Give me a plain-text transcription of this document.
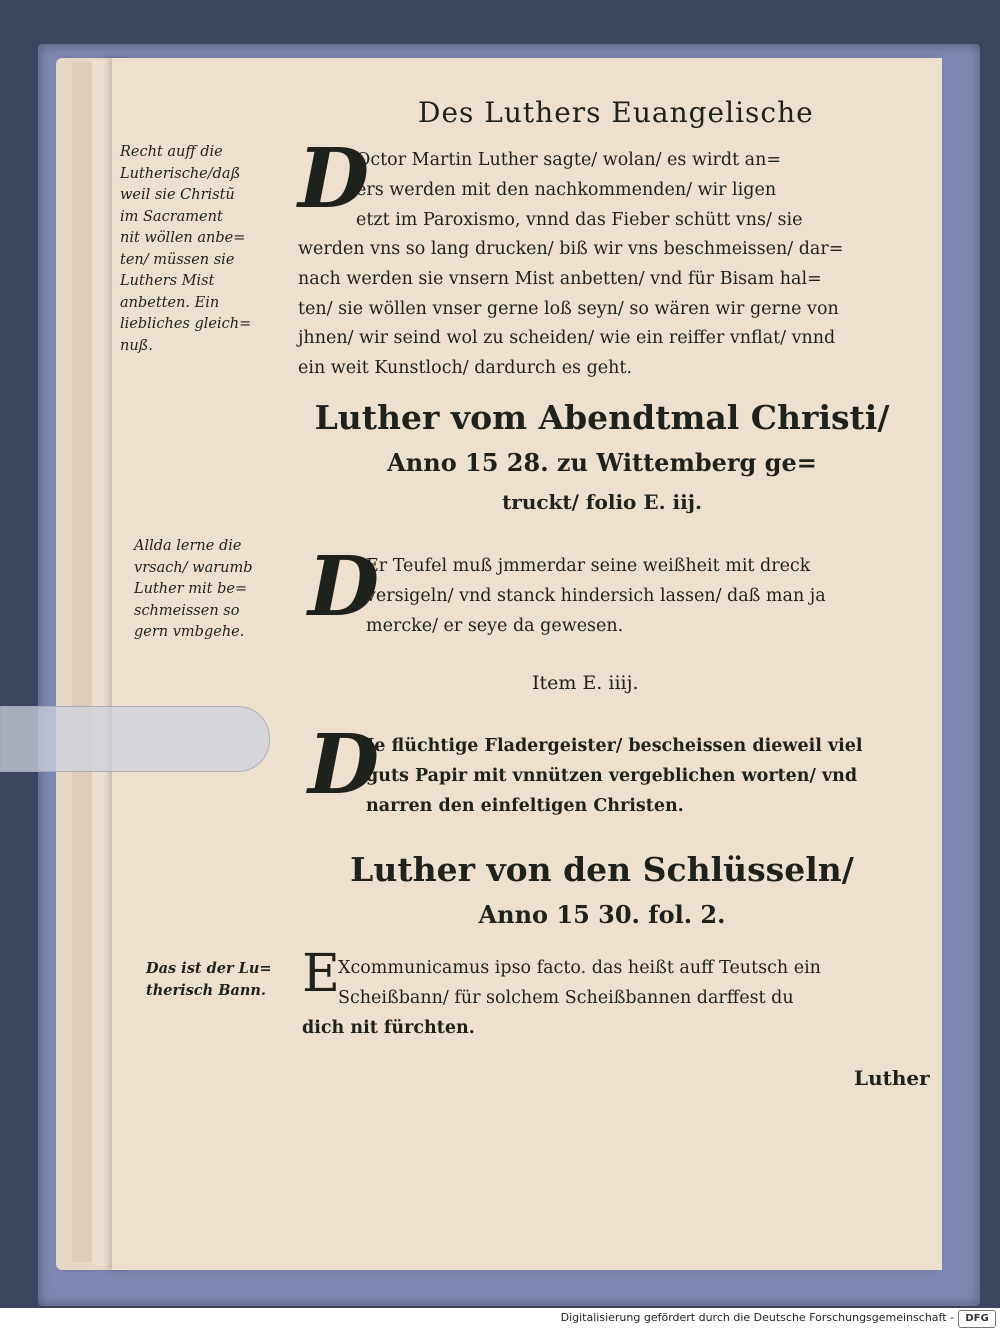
Des Luthers Euangelische
Recht auff die
Lutherische/daß
weil sie Christũ
im Sacrament
nit wöllen anbe=
ten/ müssen sie
Luthers Mist
anbetten. Ein
liebliches gleich=
nuß.
D
Octor Martin Luther sagte/ wolan/ es wirdt an=
ers werden mit den nachkommenden/ wir ligen
etzt im Paroxismo, vnnd das Fieber schütt vns/ sie
werden vns so lang drucken/ biß wir vns beschmeissen/ dar=
nach werden sie vnsern Mist anbetten/ vnd für Bisam hal=
ten/ sie wöllen vnser gerne loß seyn/ so wären wir gerne von
jhnen/ wir seind wol zu scheiden/ wie ein reiffer vnflat/ vnnd
ein weit Kunstloch/ dardurch es geht.
Luther vom Abendtmal Christi/
Anno 15 28. zu Wittemberg ge=
truckt/ folio E. iij.
Allda lerne die
vrsach/ warumb
Luther mit be=
schmeissen so
gern vmbgehe. D
Er Teufel muß jmmerdar seine weißheit mit dreck
versigeln/ vnd stanck hindersich lassen/ daß man ja
mercke/ er seye da gewesen.
Item E. iiij.
D
Je flüchtige Fladergeister/ bescheissen dieweil viel
guts Papir mit vnnützen vergeblichen worten/ vnd
narren den einfeltigen Christen.
Luther von den Schlüsseln/
Anno 15 30. fol. 2.
Das ist der Lu=
therisch Bann. E
Xcommunicamus ipso facto. das heißt auff Teutsch ein
Scheißbann/ für solchem Scheißbannen darffest du
dich nit fürchten.
Luther
Digitalisierung gefördert durch die Deutsche Forschungsgemeinschaft -	DFG
